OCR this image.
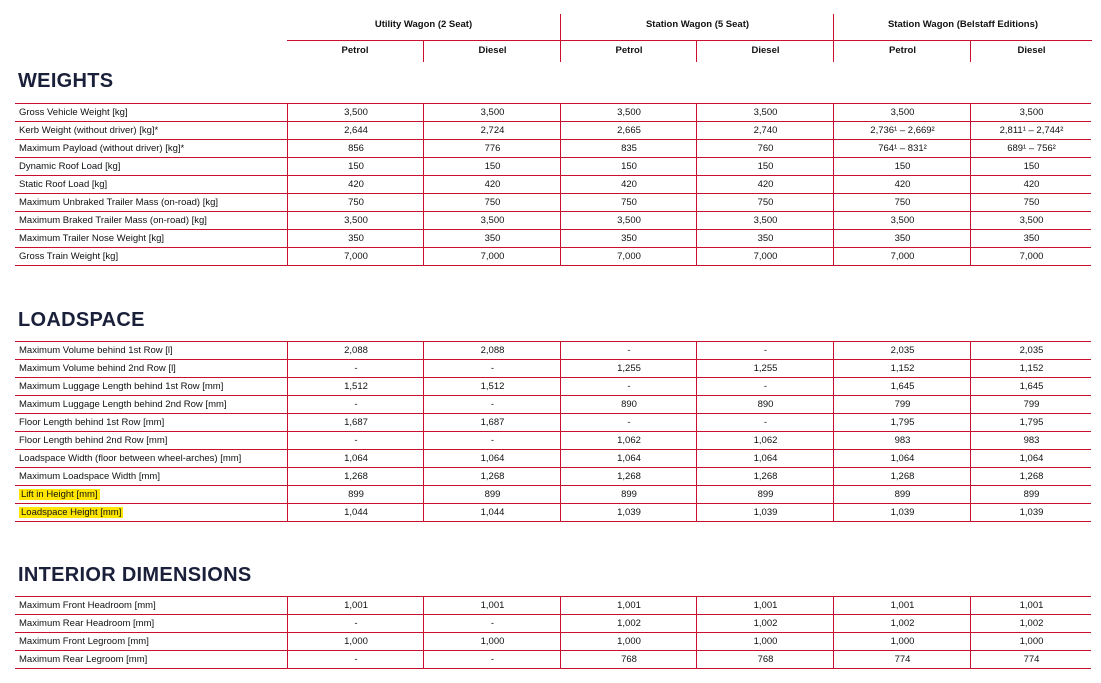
Utility Wagon (2 Seat)	Station Wagon (5 Seat)	Station Wagon (Belstaff Editions)
Petrol	Diesel	Petrol	Diesel	Petrol	Diesel
WEIGHTS
Gross Vehicle Weight [kg]	3,500	3,500	3,500	3,500	3,500	3,500
Kerb Weight (without driver) [kg]*	2,644	2,724	2,665	2,740	2,736¹ – 2,669²	2,811¹ – 2,744²
Maximum Payload (without driver) [kg]*	856	776	835	760	764¹ – 831²	689¹ – 756²
Dynamic Roof Load [kg]	150	150	150	150	150	150
Static Roof Load [kg]	420	420	420	420	420	420
Maximum Unbraked Trailer Mass (on-road) [kg]	750	750	750	750	750	750
Maximum Braked Trailer Mass (on-road) [kg]	3,500	3,500	3,500	3,500	3,500	3,500
Maximum Trailer Nose Weight [kg]	350	350	350	350	350	350
Gross Train Weight [kg]	7,000	7,000	7,000	7,000	7,000	7,000
LOADSPACE
Maximum Volume behind 1st Row [l]	2,088	2,088	-	-	2,035	2,035
Maximum Volume behind 2nd Row [l]	-	-	1,255	1,255	1,152	1,152
Maximum Luggage Length behind 1st Row [mm]	1,512	1,512	-	-	1,645	1,645
Maximum Luggage Length behind 2nd Row [mm]	-	-	890	890	799	799
Floor Length behind 1st Row [mm]	1,687	1,687	-	-	1,795	1,795
Floor Length behind 2nd Row [mm]	-	-	1,062	1,062	983	983
Loadspace Width (floor between wheel-arches) [mm]	1,064	1,064	1,064	1,064	1,064	1,064
Maximum Loadspace Width [mm]	1,268	1,268	1,268	1,268	1,268	1,268
Lift in Height [mm]	899	899	899	899	899	899
Loadspace Height [mm]	1,044	1,044	1,039	1,039	1,039	1,039
INTERIOR DIMENSIONS
Maximum Front Headroom [mm]	1,001	1,001	1,001	1,001	1,001	1,001
Maximum Rear Headroom [mm]	-	-	1,002	1,002	1,002	1,002
Maximum Front Legroom [mm]	1,000	1,000	1,000	1,000	1,000	1,000
Maximum Rear Legroom [mm]	-	-	768	768	774	774
